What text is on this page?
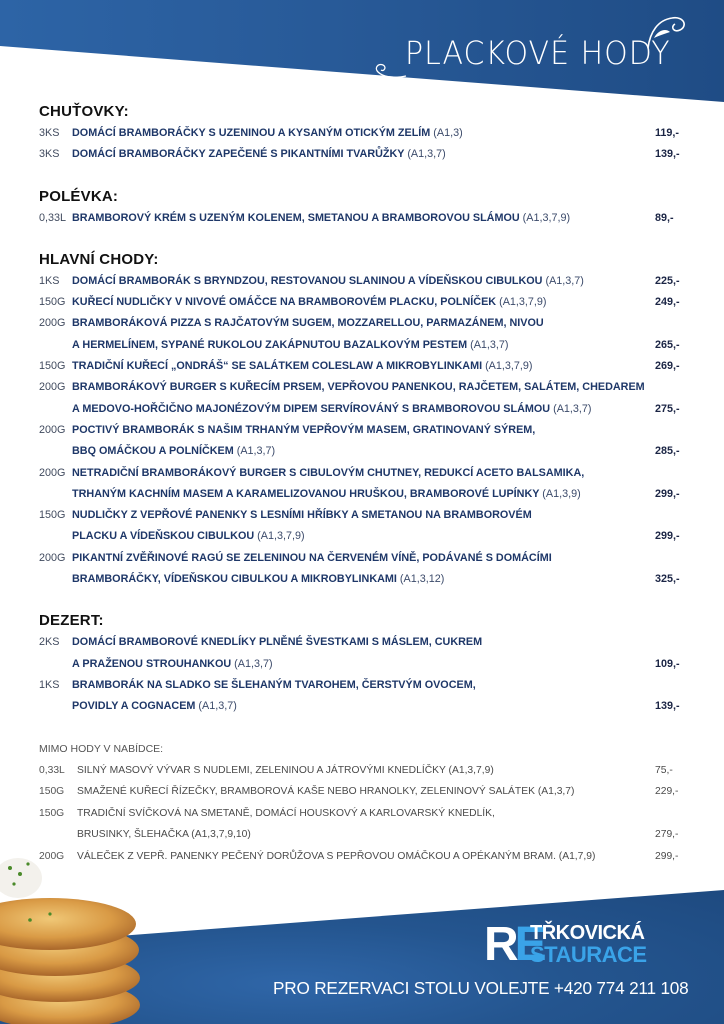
PLACKOVÉ HODY
CHUŤOVKY:
3KS	DOMÁCÍ BRAMBORÁČKY S UZENINOU A KYSANÝM OTICKÝM ZELÍM (A1,3)	119,-
3KS	DOMÁCÍ BRAMBORÁČKY ZAPEČENÉ S PIKANTNÍMI TVARŮŽKY (A1,3,7)	139,-
POLÉVKA:
0,33L BRAMBOROVÝ KRÉM S UZENÝM KOLENEM, SMETANOU A BRAMBOROVOU SLÁMOU (A1,3,7,9)	89,-
HLAVNÍ CHODY:
1KS	DOMÁCÍ BRAMBORÁK S BRYNDZOU, RESTOVANOU SLANINOU A VÍDEŇSKOU CIBULKOU (A1,3,7)	225,-
150G KUŘECÍ NUDLIČKY V NIVOVÉ OMÁČCE NA BRAMBOROVÉM PLACKU, POLNÍČEK (A1,3,7,9)	249,-
200G BRAMBORÁKOVÁ PIZZA S RAJČATOVÝM SUGEM, MOZZARELLOU, PARMAZÁNEM, NIVOU
A HERMELÍNEM, SYPANÉ RUKOLOU ZAKÁPNUTOU BAZALKOVÝM PESTEM (A1,3,7)	265,-
150G TRADIČNÍ KUŘECÍ „ONDRÁŠ“ SE SALÁTKEM COLESLAW A MIKROBYLINKAMI (A1,3,7,9)	269,-
200G BRAMBORÁKOVÝ BURGER S KUŘECÍM PRSEM, VEPŘOVOU PANENKOU, RAJČETEM, SALÁTEM, CHEDAREM
A MEDOVO-HOŘČIČNO MAJONÉZOVÝM DIPEM SERVÍROVÁNÝ S BRAMBOROVOU SLÁMOU (A1,3,7)	275,-
200G POCTIVÝ BRAMBORÁK S NAŠIM TRHANÝM VEPŘOVÝM MASEM, GRATINOVANÝ SÝREM,
BBQ OMÁČKOU A POLNÍČKEM (A1,3,7)	285,-
200G NETRADIČNÍ BRAMBORÁKOVÝ BURGER S CIBULOVÝM CHUTNEY, REDUKCÍ ACETO BALSAMIKA,
TRHANÝM KACHNÍM MASEM A KARAMELIZOVANOU HRUŠKOU, BRAMBOROVÉ LUPÍNKY (A1,3,9)	299,-
150G NUDLIČKY Z VEPŘOVÉ PANENKY S LESNÍMI HŘÍBKY A SMETANOU NA BRAMBOROVÉM
PLACKU A VÍDEŇSKOU CIBULKOU (A1,3,7,9)	299,-
200G PIKANTNÍ ZVĚŘINOVÉ RAGÚ SE ZELENINOU NA ČERVENÉM VÍNĚ, PODÁVANÉ S DOMÁCÍMI
BRAMBORÁČKY, VÍDEŇSKOU CIBULKOU A MIKROBYLINKAMI (A1,3,12)	325,-
DEZERT:
2KS	DOMÁCÍ BRAMBOROVÉ KNEDLÍKY PLNĚNÉ ŠVESTKAMI S MÁSLEM, CUKREM
A PRAŽENOU STROUHANKOU (A1,3,7)	109,-
1KS	BRAMBORÁK NA SLADKO SE ŠLEHANÝM TVAROHEM, ČERSTVÝM OVOCEM,
POVIDLY A COGNACEM (A1,3,7)	139,-
MIMO HODY V NABÍDCE:
0,33L	SILNÝ MASOVÝ VÝVAR S NUDLEMI, ZELENINOU A JÁTROVÝMI KNEDLÍČKY (A1,3,7,9)	75,-
150G	SMAŽENÉ KUŘECÍ ŘÍZEČKY, BRAMBOROVÁ KAŠE NEBO HRANOLKY, ZELENINOVÝ SALÁTEK (A1,3,7)	229,-
150G	TRADIČNÍ SVÍČKOVÁ NA SMETANĚ, DOMÁCÍ HOUSKOVÝ A KARLOVARSKÝ KNEDLÍK,
BRUSINKY, ŠLEHAČKA (A1,3,7,9,10)	279,-
200G	VÁLEČEK Z VEPŘ. PANENKY PEČENÝ DORŮŽOVA S PEPŘOVOU OMÁČKOU A OPÉKANÝM BRAM. (A1,7,9)	299,-
RE
TŘKOVICKÁ
STAURACE
PRO REZERVACI STOLU VOLEJTE +420 774 211 108
